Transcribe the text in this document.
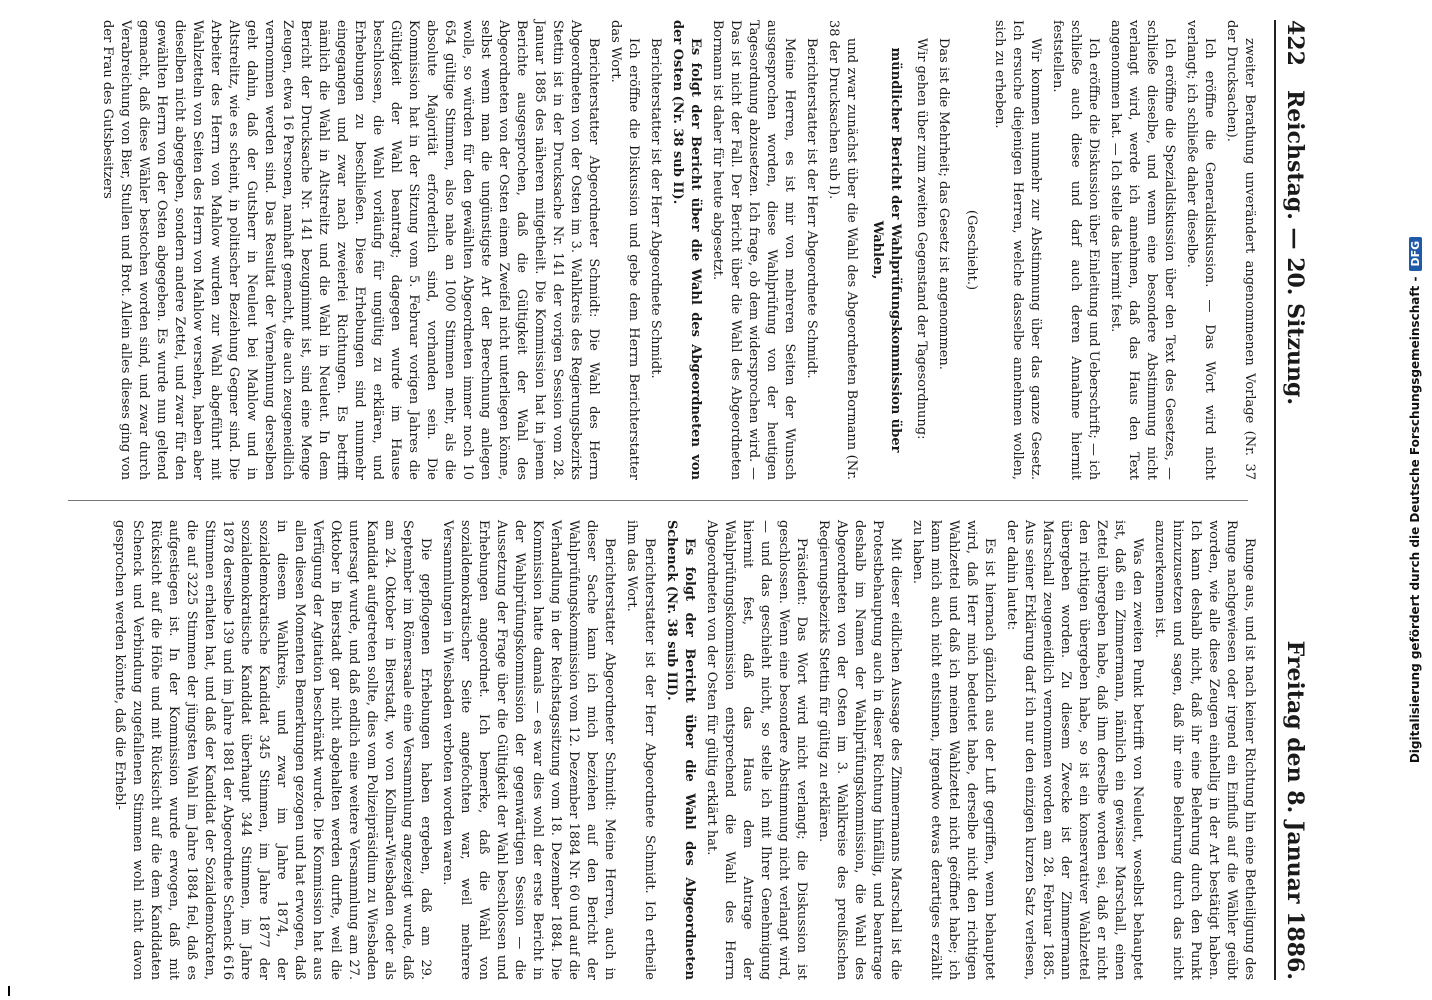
422
Reichstag. — 20. Sitzung.
Freitag den 8. Januar 1886.

zweiter Berathung unverändert angenommenen Vorlage (Nr. 37 der Drucksachen).

Ich eröffne die Generaldiskussion. — Das Wort wird nicht verlangt; ich schließe daher dieselbe.

Ich eröffne die Spezialdiskussion über den Text des Gesetzes, — schließe dieselbe, und wenn eine besondere Abstimmung nicht verlangt wird, werde ich annehmen, daß das Haus den Text angenommen hat. — Ich stelle das hiermit fest.

Ich eröffne die Diskussion über Einleitung und Ueberschrift; — ich schließe auch diese und darf auch deren Annahme hiermit feststellen.

Wir kommen nunmehr zur Abstimmung über das ganze Gesetz. Ich ersuche diejenigen Herren, welche dasselbe annehmen wollen, sich zu erheben.

(Geschieht.)

Das ist die Mehrheit; das Gesetz ist angenommen.

Wir gehen über zum zweiten Gegenstand der Tagesordnung:

mündlicher Bericht der Wahlprüfungskommission über Wahlen,

und zwar zunächst über die Wahl des Abgeordneten Bormann (Nr. 38 der Drucksachen sub I).

Berichterstatter ist der Herr Abgeordnete Schmidt.

Meine Herren, es ist mir von mehreren Seiten der Wunsch ausgesprochen worden, diese Wahlprüfung von der heutigen Tagesordnung abzusetzen. Ich frage, ob dem widersprochen wird. — Das ist nicht der Fall. Der Bericht über die Wahl des Abgeordneten Bormann ist daher für heute abgesetzt.

Es folgt der Bericht über die Wahl des Abgeordneten von der Osten (Nr. 38 sub II).

Berichterstatter ist der Herr Abgeordnete Schmidt.

Ich eröffne die Diskussion und gebe dem Herrn Berichterstatter das Wort.

Berichterstatter Abgeordneter Schmidt: Die Wahl des Herrn Abgeordneten von der Osten im 3. Wahlkreis des Regierungsbezirks Stettin ist in der Drucksache Nr. 141 der vorigen Session vom 28. Januar 1885 des näheren mitgetheilt. Die Kommission hat in jenem Berichte ausgesprochen, daß die Gültigkeit der Wahl des Abgeordneten von der Osten einem Zweifel nicht unterliegen könne, selbst wenn man die ungünstigste Art der Berechnung anlegen wolle, so würden für den gewählten Abgeordneten immer noch 10 654 gültige Stimmen, also nahe an 1000 Stimmen mehr, als die absolute Majorität erforderlich sind, vorhanden sein. Die Kommission hat in der Sitzung vom 5. Februar vorigen Jahres die Gültigkeit der Wahl beantragt; dagegen wurde im Hause beschlossen, die Wahl vorläufig für ungültig zu erklären, und Erhebungen zu beschließen. Diese Erhebungen sind nunmehr eingegangen und zwar nach zweierlei Richtungen. Es betrifft nämlich die Wahl in Altstrelitz und die Wahl in Neuleut. In dem Bericht der Drucksache Nr. 141 bezugnimmt ist, sind eine Menge Zeugen, etwa 16 Personen, namhaft gemacht, die auch zeugeneidlich vernommen werden sind. Das Resultat der Vernehmung derselben geht dahin, daß der Gutsherr in Neuleut bei Mahlow und in Altstrelitz, wie es scheint, in politischer Beziehung Gegner sind. Die Arbeiter des Herrn von Mahlow wurden zur Wahl abgeführt mit Wahlzetteln von Seiten des Herrn von Mahlow versehen, haben aber dieselben nicht abgegeben, sondern andere Zettel, und zwar für den gewählten Herrn von der Osten abgegeben. Es wurde nun geltend gemacht, daß diese Wähler bestochen worden sind, und zwar durch Verabreichung von Bier, Stullen und Brot. Allein alles dieses ging von der Frau des Gutsbesitzers

Runge aus, und ist nach keiner Richtung hin eine Betheiligung des Runge nachgewiesen oder irgend ein Einfluß auf die Wähler geübt worden, wie alle diese Zeugen einhellig in der Art bestätigt haben. Ich kann deshalb nicht, daß ihr eine Belehrung durch den Punkt hinzuzusetzen und sagen, daß ihr eine Belehrung durch das nicht anzuerkennen ist.

Was den zweiten Punkt betrifft von Neuleut, woselbst behauptet ist, daß ein Zimmermann, nämlich ein gewisser Marschall, einen Zettel übergeben habe, daß ihm derselbe worden sei, daß er nicht den richtigen übergeben habe, so ist ein konservativer Wahlzettel übergeben worden. Zu diesem Zwecke ist der Zimmermann Marschall zeugeneidlich vernommen worden am 28. Februar 1885. Aus seiner Erklärung darf ich nur den einzigen kurzen Satz verlesen, der dahin lautet:

Es ist hiernach gänzlich aus der Luft gegriffen, wenn behauptet wird, daß Herr mich bedeutet habe, derselbe nicht den richtigen Wahlzettel und daß ich meinen Wahlzettel nicht geöffnet habe; ich kann mich auch nicht entsinnen, irgendwo etwas derartiges erzählt zu haben.

Mit dieser eidlichen Aussage des Zimmermanns Marschall ist die Protestbehauptung auch in dieser Richtung hinfällig, und beantrage deshalb im Namen der Wahlprüfungskommission, die Wahl des Abgeordneten von der Osten im 3. Wahlkreise des preußischen Regierungsbezirks Stettin für gültig zu erklären.

Präsident: Das Wort wird nicht verlangt; die Diskussion ist geschlossen. Wenn eine besondere Abstimmung nicht verlangt wird, — und das geschieht nicht, so stelle ich mit Ihrer Genehmigung hiermit fest, daß das Haus dem Antrage der Wahlprüfungskommission entsprechend die Wahl des Herrn Abgeordneten von der Osten für gültig erklärt hat.

Es folgt der Bericht über die Wahl des Abgeordneten Schenck (Nr. 38 sub III).

Berichterstatter ist der Herr Abgeordnete Schmidt. Ich ertheile ihm das Wort.

Berichterstatter Abgeordneter Schmidt: Meine Herren, auch in dieser Sache kann ich mich beziehen auf den Bericht der Wahlprüfungskommission vom 12. Dezember 1884 Nr. 60 und auf die Verhandlung in der Reichstagssitzung vom 18. Dezember 1884. Die Kommission hatte damals — es war dies wohl der erste Bericht in der Wahlprüfungskommission der gegenwärtigen Session — die Aussetzung der Frage über die Gültigkeit der Wahl beschlossen und Erhebungen angeordnet. Ich bemerke, daß die Wahl von sozialdemokratischer Seite angefochten war, weil mehrere Versammlungen in Wiesbaden verboten worden waren.

Die gepflogenen Erhebungen haben ergeben, daß am 29. September im Römersaale eine Versammlung angezeigt wurde, daß am 24. Oktober in Bierstadt, wo von Kollmar-Wiesbaden oder als Kandidat aufgetreten sollte, dies vom Polizeipräsidium zu Wiesbaden untersagt wurde, und daß endlich eine weitere Versammlung am 27. Oktober in Bierstadt gar nicht abgehalten werden durfte, weil die Verfügung der Agitation beschränkt wurde. Die Kommission hat aus allen diesen Momenten Bemerkungen gezogen und hat erwogen, daß in diesem Wahlkreis, und zwar im Jahre 1874, der sozialdemokratische Kandidat 345 Stimmen, im Jahre 1877 der sozialdemokratische Kandidat überhaupt 344 Stimmen, im Jahre 1878 derselbe 139 und im Jahre 1881 der Abgeordnete Schenck 616 Stimmen erhalten hat, und daß der Kandidat der Sozialdemokraten, die auf 3225 Stimmen der jüngsten Wahl im Jahre 1884 fiel, daß es aufgestiegen ist. In der Kommission wurde erwogen, daß mit Rücksicht auf die Höhe und mit Rücksicht auf die dem Kandidaten Schenck und Verbindung zugefallenen Stimmen wohl nicht davon gesprochen werden könnte, daß die Erhebl-	Digitalisierung gefördert durch die Deutsche Forschungsgemeinschaft -
DFG
